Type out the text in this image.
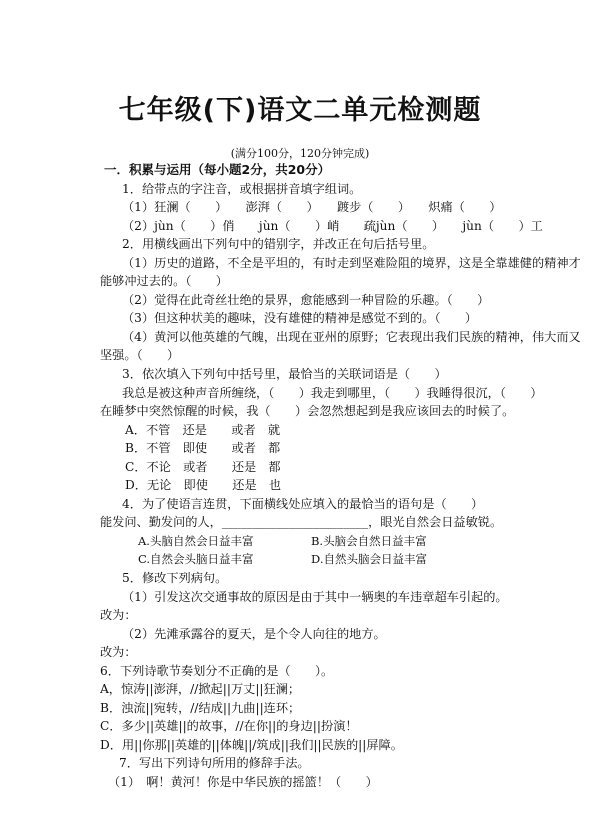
七年级(下)语文二单元检测题
(满分100分，120分钟完成)
一．积累与运用（每小题2分，共20分）
1．给带点的字注音，或根据拼音填字组词。
（1）狂澜（　　）　　澎湃（　　）　　踱步（　　）　　炽痛（　　）
（2）jùn（　　）俏　　jùn（　　）峭　　疏jùn（　　）　　jùn（　　）工
2．用横线画出下列句中的错别字，并改正在句后括号里。
（1）历史的道路，不全是平坦的，有时走到坚难险阻的境界，这是全靠雄健的精神才
能够冲过去的。（　　）
（2）觉得在此奇丝壮绝的景界，愈能感到一种冒险的乐趣。（　　）
（3）但这种状美的趣味，没有雄健的精神是感觉不到的。（　　）
（4）黄河以他英雄的气魄，出现在亚州的原野；它表现出我们民族的精神，伟大而又
坚强。（　　）
3．依次填入下列句中括号里，最恰当的关联词语是（　　）
我总是被这种声音所缠绕，（　　）我走到哪里，（　　）我睡得很沉，（　　）
在睡梦中突然惊醒的时候，我（　　）会忽然想起到是我应该回去的时候了。
A．不管　还是　　或者　就
B．不管　即使　　或者　都
C．不论　或者　　还是　都
D．无论　即使　　还是　也
4．为了使语言连贯，下面横线处应填入的最恰当的语句是（　　）
能发问、勤发问的人，________________________，眼光自然会日益敏锐。
A.头脑自然会日益丰富　　　　　B.头脑会自然日益丰富
C.自然会头脑日益丰富　　　　　D.自然头脑会日益丰富
5．修改下列病句。
（1）引发这次交通事故的原因是由于其中一辆奥的车违章超车引起的。
改为：
（2）先滩承露谷的夏天，是个令人向往的地方。
改为：
6．下列诗歌节奏划分不正确的是（　　）。
A，惊涛||澎湃，//掀起||万丈||狂澜；
B．浊流||宛转，//结成||九曲||连环；
C．多少||英雄||的故事，//在你||的身边||扮演！
D．用||你那||英雄的||体魄||/筑成||我们||民族的||屏障。
7．写出下列诗句所用的修辞手法。
（1）　啊！黄河！你是中华民族的摇篮！（　　）
